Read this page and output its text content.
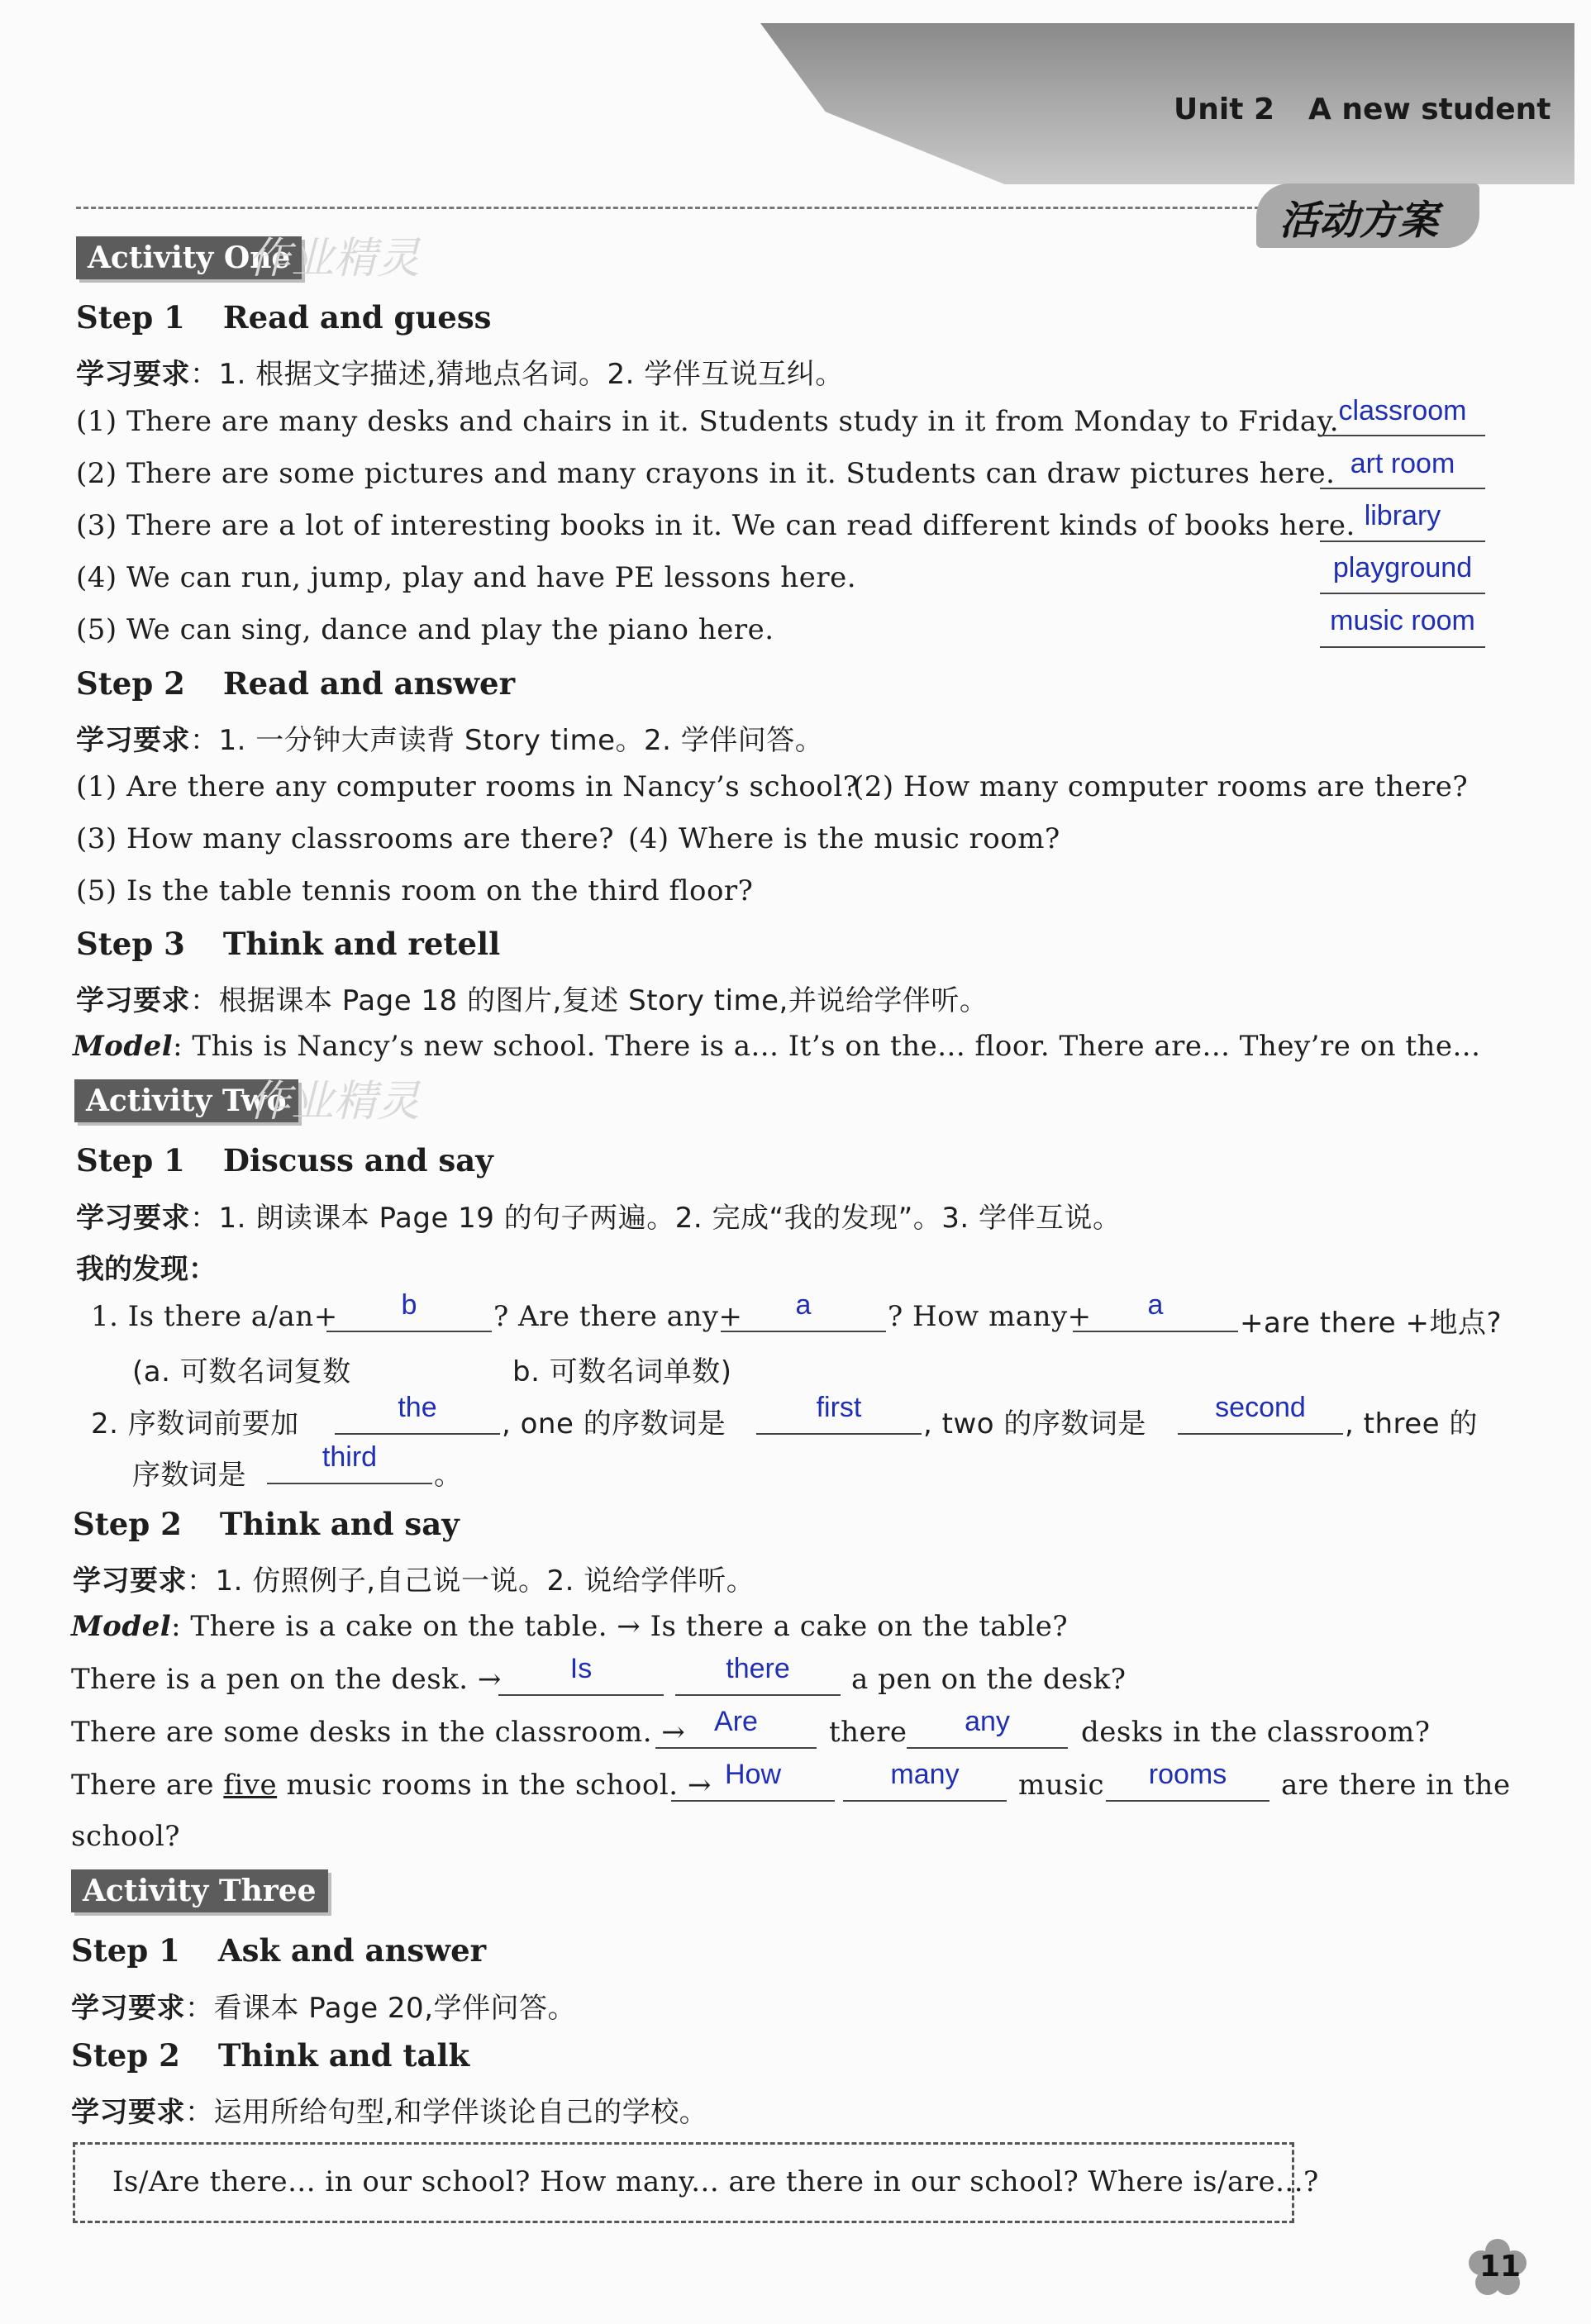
Unit 2 A new student
活动方案
Activity One
作业精灵
Step 1 Read and guess
学习要求：1. 根据文字描述,猜地点名词。2. 学伴互说互纠。
(1) There are many desks and chairs in it. Students study in it from Monday to Friday. classroom
(2) There are some pictures and many crayons in it. Students can draw pictures here. art room
(3) There are a lot of interesting books in it. We can read different kinds of books here. library
(4) We can run, jump, play and have PE lessons here.	playground
(5) We can sing, dance and play the piano here.	music room
Step 2 Read and answer
学习要求：1. 一分钟大声读背 Story time。2. 学伴问答。
(1) Are there any computer rooms in Nancy’s school?
(2) How many computer rooms are there?
(3) How many classrooms are there? (4) Where is the music room?
(5) Is the table tennis room on the third floor?
Step 3 Think and retell
学习要求：根据课本 Page 18 的图片,复述 Story time,并说给学伴听。
Model: This is Nancy’s new school. There is a... It’s on the... floor. There are... They’re on the...
Activity Two
作业精灵
Step 1 Discuss and say
学习要求：1. 朗读课本 Page 19 的句子两遍。2. 完成“我的发现”。3. 学伴互说。
我的发现：
1. Is there a/an+	b	? Are there any+	a	? How many+	a
+are there +地点?
(a. 可数名词复数	b. 可数名词单数)
2. 序数词前要加	the	, one 的序数词是	first	, two 的序数词是	second	, three 的
序数词是
third
。
Step 2 Think and say
学习要求：1. 仿照例子,自己说一说。2. 说给学伴听。
Model: There is a cake on the table. → Is there a cake on the table?
There is a pen on the desk. →	Is	there	a pen on the desk?
There are some desks in the classroom. →	Are	there	any	desks in the classroom?
There are five music rooms in the school. → How	many	music	rooms	are there in the
school?
Activity Three
Step 1 Ask and answer
学习要求：看课本 Page 20,学伴问答。
Step 2 Think and talk
学习要求：运用所给句型,和学伴谈论自己的学校。
Is/Are there... in our school? How many... are there in our school? Where is/are...?
11
